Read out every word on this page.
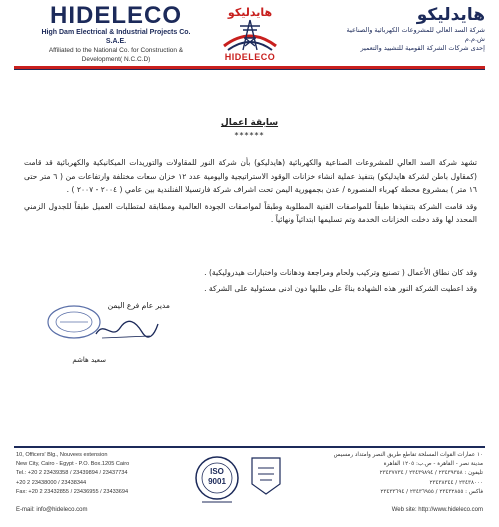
HIDELECO
High Dam Electrical & Industrial Projects Co.
S.A.E.
Affiliated to the National Co. for Construction &
Development( N.C.C.D)
هايدليكو
HIDELECO
هايدليكو
شركة السد العالي للمشروعات الكهربائية والصناعية
ش.م.م
إحدى شركات الشركة القومية للتشييد والتعمير
سابقة اعمال
******

تشهد شركة السد العالي للمشروعات الصناعية والكهربائية (هايدليكو) بأن شركة النور للمقاولات والتوريدات الميكانيكية والكهربائية قد قامت (كمقاول باطن لشركة هايدليكو) بتنفيذ عملية انشاء خزانات الوقود الاستراتيجية واليومية عدد ١٢ خزان سعات مختلفة وارتفاعات من ( ٦ متر حتى ١٦ متر ) بمشروع محطة كهرباء المنصورة / عدن بجمهورية اليمن تحت اشراف شركة فارتسيلا الفنلندية بين عامي ( ٢٠٠٤ - ٢٠٠٧ ) .

وقد قامت الشركة بتنفيذها طبقاً للمواصفات الفنية المطلوبة وطبقاً لمواصفات الجودة العالمية ومطابقة لمتطلبات العميل طبقاً للجدول الزمني المحدد لها وقد دخلت الخزانات الخدمة وتم تسليمها ابتدائياً ونهائياً .

وقد كان نطاق الأعمال ( تصنيع وتركيب ولحام ومراجعة ودهانات واختبارات هيدروليكية) .
وقد اعطيت الشركة النور هذه الشهادة بناءً على طلبها دون ادنى مسئولية على الشركة .
مدير عام فرع اليمن
سعيد هاشم
10, Officers' Blg., Nouvees extension
New City, Cairo - Egypt - P.O. Box.1205 Cairo
Tel.: +20 2 23439358 / 23439894 / 23437734
+20 2 23438000 / 23438344
Fax: +20 2 23432855 / 23436955 / 23433694
ISO
9001
١٠ عمارات القوات المسلحة تقاطع طريق النصر وامتداد رمسيس
مدينة نصر - القاهرة - ص.ب: ١٢٠٥ القاهرة
تليفون : ٢٣٤٣٩٣٥٨ / ٢٣٤٣٩٨٩٤ / ٢٣٤٣٧٧٣٤
٢٣٤٣٨٠٠٠ / ٢٣٤٣٨٣٤٤
فاكس : ٢٣٤٣٢٨٥٥ / ٢٣٤٣٦٩٥٥ / ٢٣٤٣٣٦٩٤
E-mail: info@hideleco.com	Web site: http://www.hideleco.com
